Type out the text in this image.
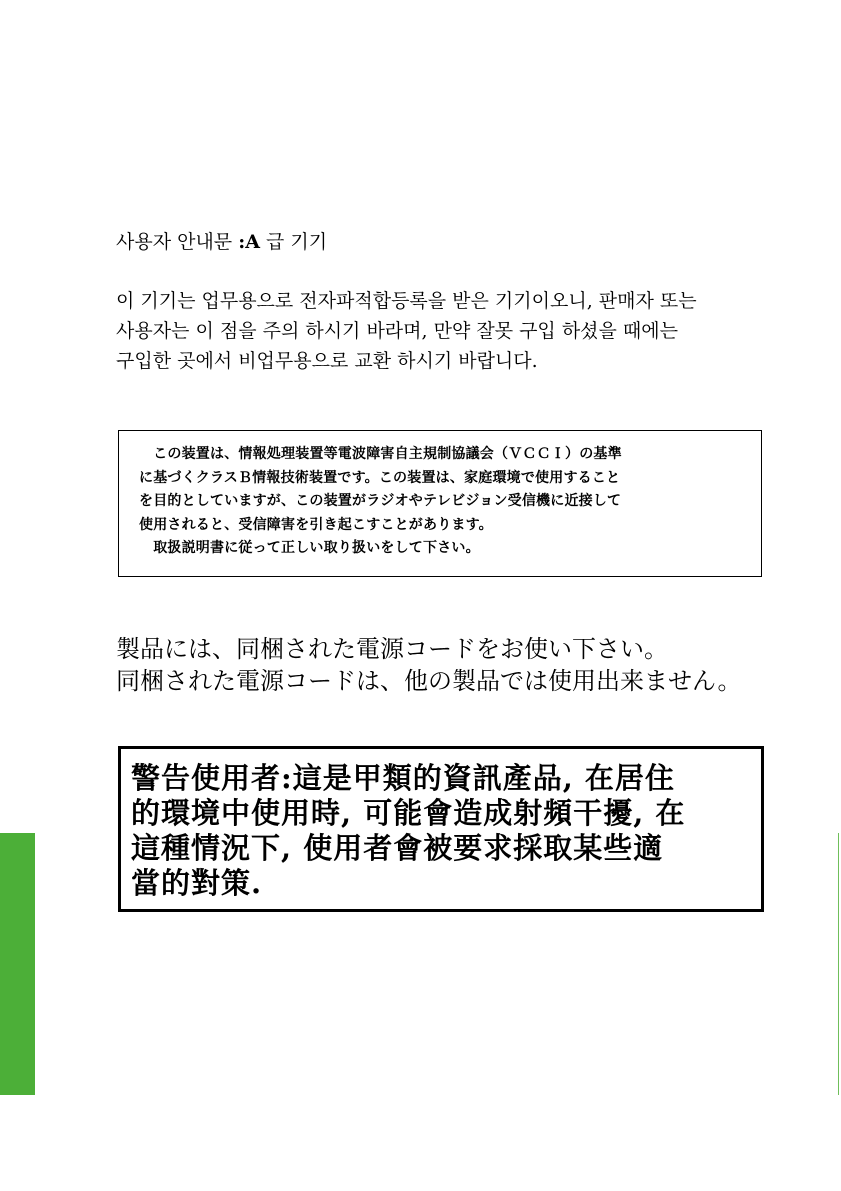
사용자 안내문 :A 급 기기

이 기기는 업무용으로 전자파적합등록을 받은 기기이오니, 판매자 또는

사용자는 이 점을 주의 하시기 바라며, 만약 잘못 구입 하셨을 때에는

구입한 곳에서 비업무용으로 교환 하시기 바랍니다.

　この装置は、情報処理装置等電波障害自主規制協議会（ＶＣＣＩ）の基準

に基づくクラスＢ情報技術装置です。この装置は、家庭環境で使用すること

を目的としていますが、この装置がラジオやテレビジョン受信機に近接して

使用されると、受信障害を引き起こすことがあります。

　取扱説明書に従って正しい取り扱いをして下さい。

製品には、同梱された電源コードをお使い下さい。

同梱された電源コードは、他の製品では使用出来ません。

警告使用者:這是甲類的資訊產品, 在居住

的環境中使用時, 可能會造成射頻干擾, 在

這種情況下, 使用者會被要求採取某些適

當的對策.
